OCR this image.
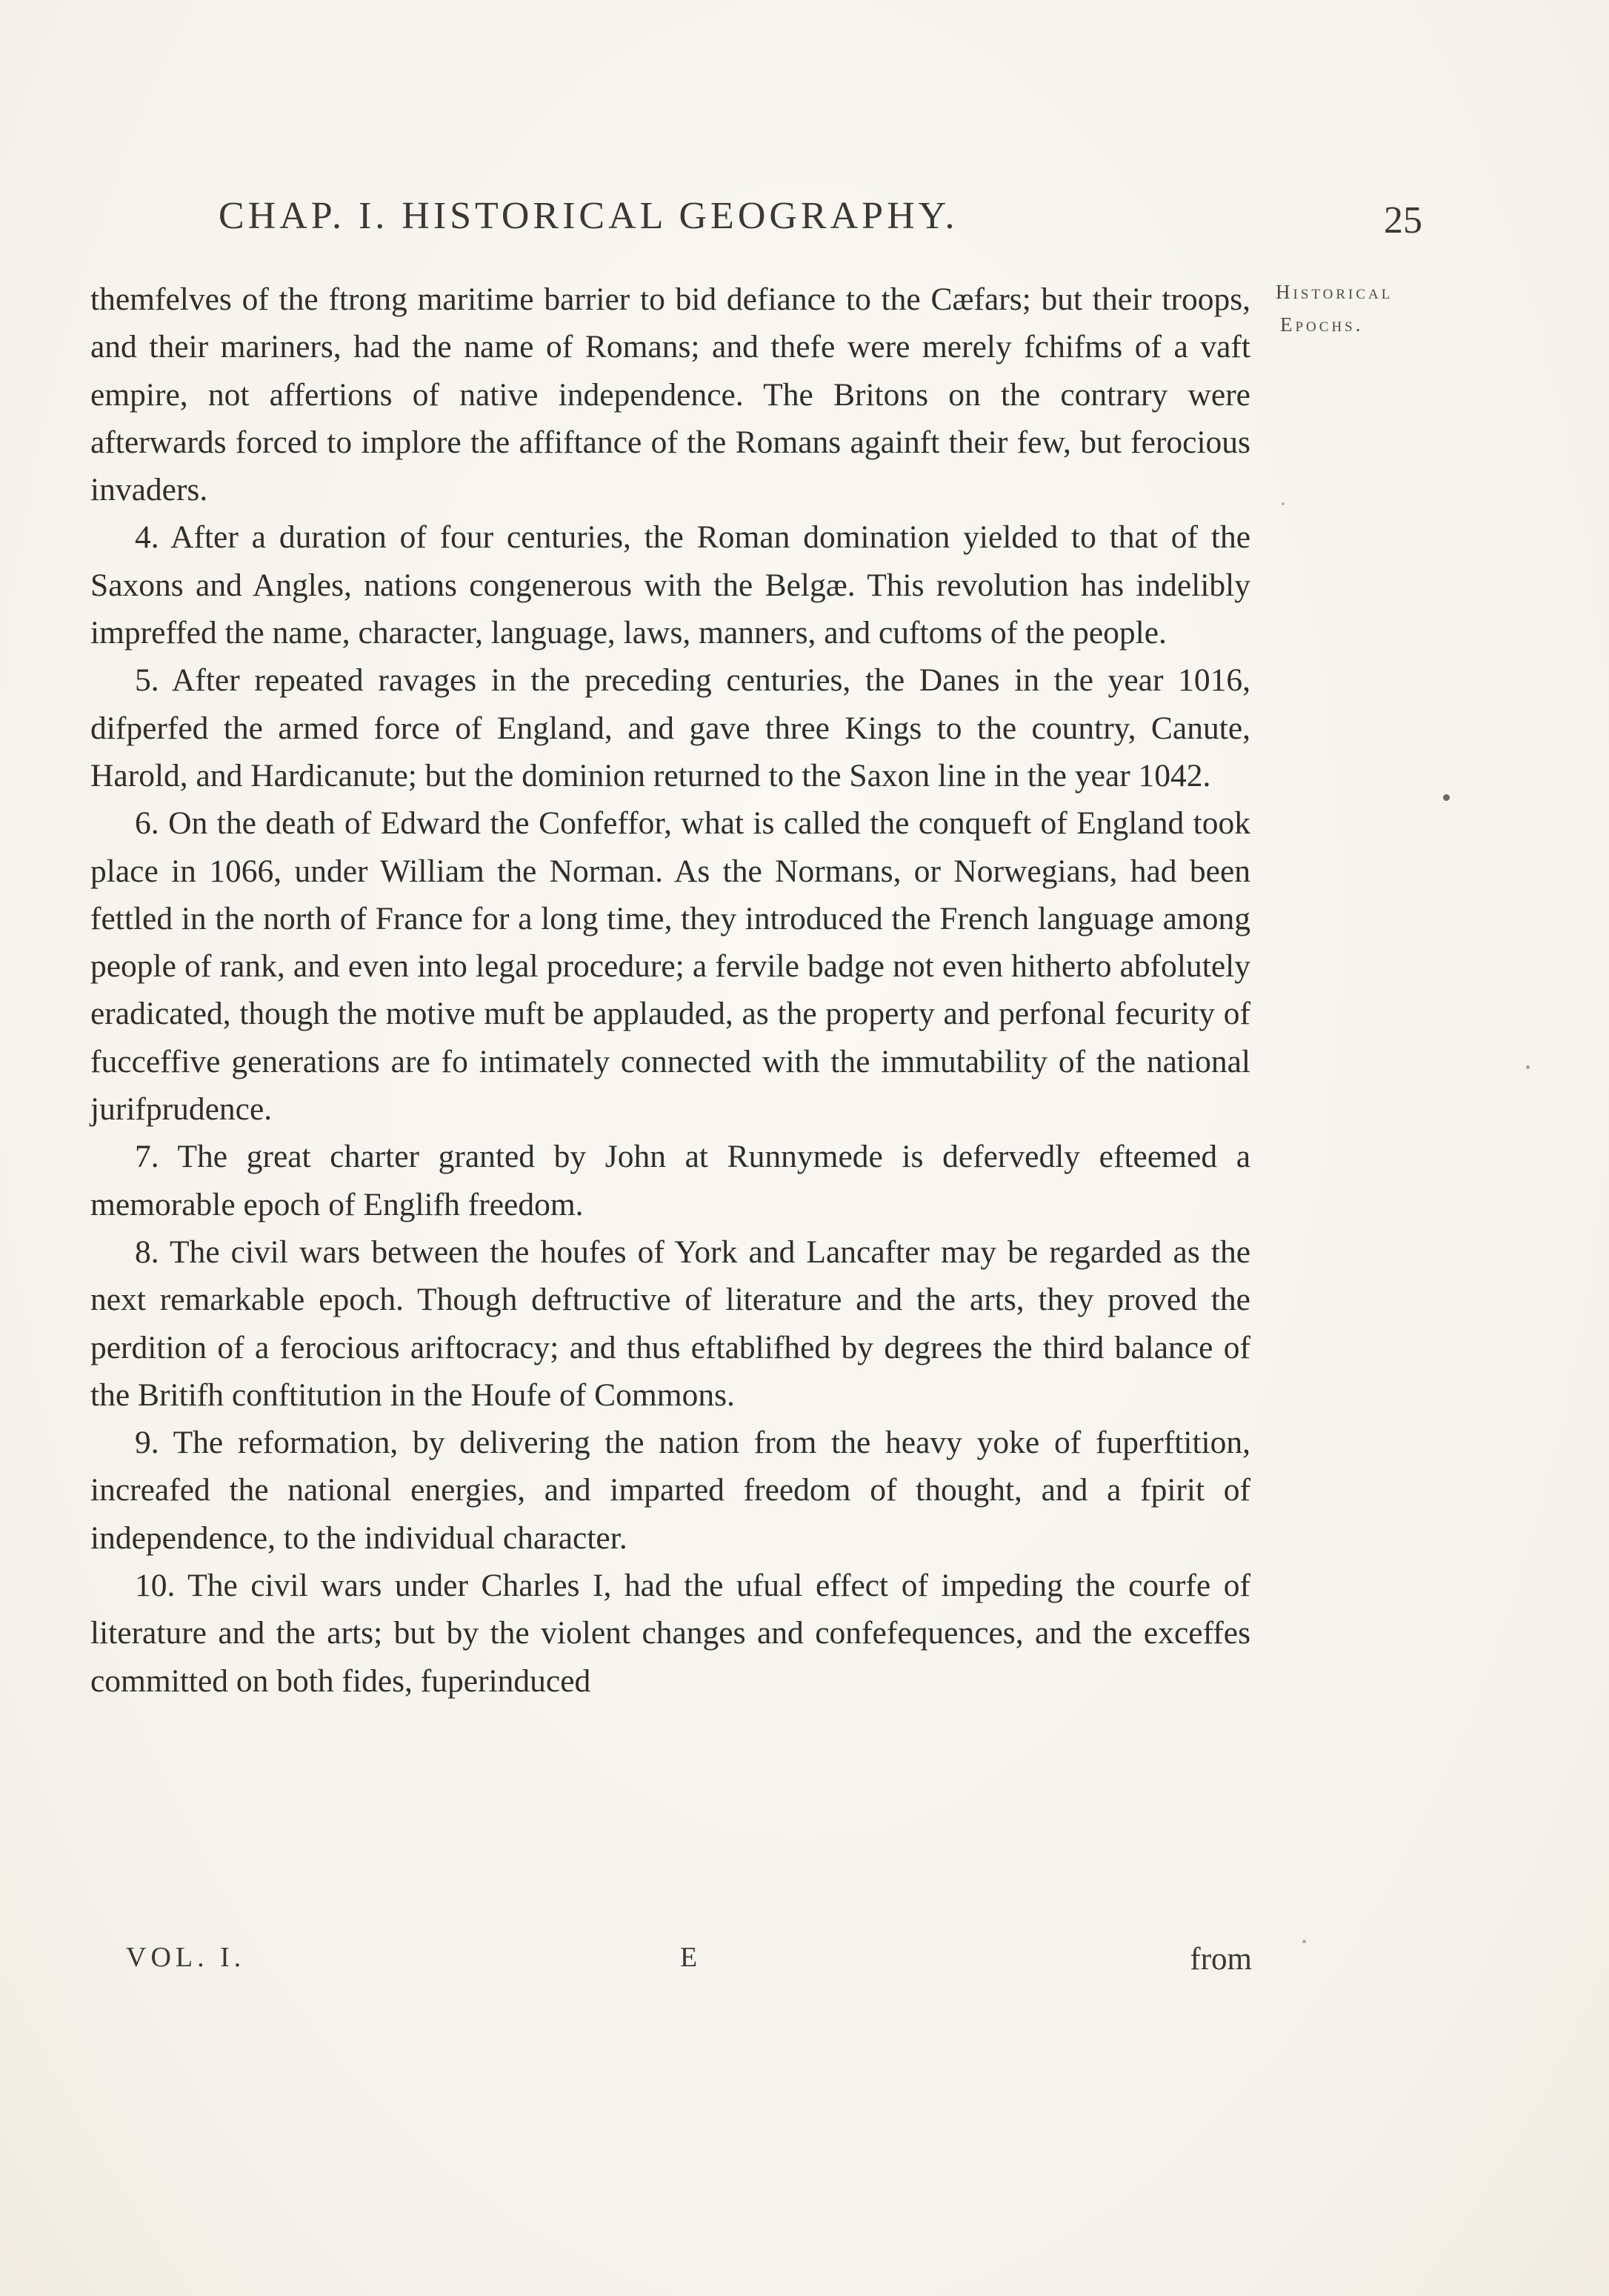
CHAP. I. HISTORICAL GEOGRAPHY.	25
Historical
Epochs.

themfelves of the ftrong maritime barrier to bid defiance to the Cæfars; but their troops, and their mariners, had the name of Romans; and thefe were merely fchifms of a vaft empire, not affertions of native independence. The Britons on the contrary were afterwards forced to implore the affiftance of the Romans againft their few, but ferocious invaders.

4. After a duration of four centuries, the Roman domination yielded to that of the Saxons and Angles, nations congenerous with the Belgæ. This revolution has indelibly impreffed the name, character, language, laws, manners, and cuftoms of the people.

5. After repeated ravages in the preceding centuries, the Danes in the year 1016, difperfed the armed force of England, and gave three Kings to the country, Canute, Harold, and Hardicanute; but the dominion returned to the Saxon line in the year 1042.

6. On the death of Edward the Confeffor, what is called the conqueft of England took place in 1066, under William the Norman. As the Normans, or Norwegians, had been fettled in the north of France for a long time, they introduced the French language among people of rank, and even into legal procedure; a fervile badge not even hitherto abfolutely eradicated, though the motive muft be applauded, as the property and perfonal fecurity of fucceffive generations are fo intimately connected with the immutability of the national jurifprudence.

7. The great charter granted by John at Runnymede is defervedly efteemed a memorable epoch of Englifh freedom.

8. The civil wars between the houfes of York and Lancafter may be regarded as the next remarkable epoch. Though deftructive of literature and the arts, they proved the perdition of a ferocious ariftocracy; and thus eftablifhed by degrees the third balance of the Britifh conftitution in the Houfe of Commons.

9. The reformation, by delivering the nation from the heavy yoke of fuperftition, increafed the national energies, and imparted freedom of thought, and a fpirit of independence, to the individual character.

10. The civil wars under Charles I, had the ufual effect of impeding the courfe of literature and the arts; but by the violent changes and confefequences, and the exceffes committed on both fides, fuperinduced

VOL. I.	E	from
